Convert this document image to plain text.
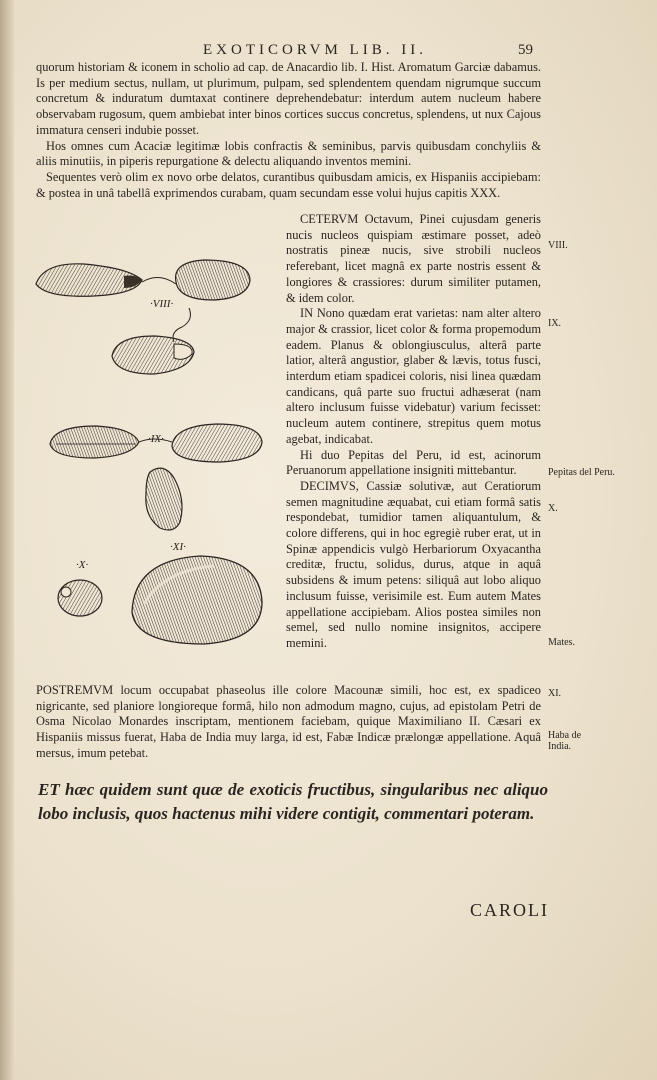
EXOTICORVM LIB. II.	59

quorum historiam & iconem in scholio ad cap. de Anacardio lib. I. Hist. Aromatum Garciæ dabamus. Is per medium sectus, nullam, ut plurimum, pulpam, sed splendentem quendam nigrumque succum concretum & induratum dumtaxat continere deprehendebatur: interdum autem nucleum habere observabam rugosum, quem ambiebat inter binos cortices succus concretus, splendens, ut nux Cajous immatura censeri indubie posset.

Hos omnes cum Acaciæ legitimæ lobis confractis & seminibus, parvis quibusdam conchyliis & aliis minutiis, in piperis repurgatione & delectu aliquando inventos memini.

Sequentes verò olim ex novo orbe delatos, curantibus quibusdam amicis, ex Hispaniis accipiebam: & postea in unâ tabellâ exprimendos curabam, quam secundam esse volui hujus capitis XXX.

·VIII·
·IX·
·X·
·XI·

CETERVM Octavum, Pinei cujusdam generis nucis nucleos quispiam æstimare posset, adeò nostratis pineæ nucis, sive strobili nucleos referebant, licet magnâ ex parte nostris essent & longiores & crassiores: durum similiter putamen, & idem color.

IN Nono quædam erat varietas: nam alter altero major & crassior, licet color & forma propemodum eadem. Planus & oblongiusculus, alterâ parte latior, alterâ angustior, glaber & lævis, totus fusci, interdum etiam spadicei coloris, nisi linea quædam candicans, quâ parte suo fructui adhæserat (nam altero inclusum fuisse videbatur) varium fecisset: nucleum autem continere, strepitus quem motus agebat, indicabat.

Hi duo Pepitas del Peru, id est, acinorum Peruanorum appellatione insigniti mittebantur.

DECIMVS, Cassiæ solutivæ, aut Ceratiorum semen magnitudine æquabat, cui etiam formâ satis respondebat, tumidior tamen aliquantulum, & colore differens, qui in hoc egregiè ruber erat, ut in Spinæ appendicis vulgò Herbariorum Oxyacantha creditæ, fructu, solidus, durus, atque in aquâ subsidens & imum petens: siliquâ aut lobo aliquo inclusum fuisse, verisimile est. Eum autem Mates appellatione accipiebam. Alios postea similes non semel, sed nullo nomine insignitos, accipere memini.

POSTREMVM locum occupabat phaseolus ille colore Macounæ simili, hoc est, ex spadiceo nigricante, sed planiore longioreque formâ, hilo non admodum magno, cujus, ad epistolam Petri de Osma Nicolao Monardes inscriptam, mentionem faciebam, quique Maximiliano II. Cæsari ex Hispaniis missus fuerat, Haba de India muy larga, id est, Fabæ Indicæ prælongæ appellatione. Aquâ mersus, imum petebat.
VIII.
IX.
Pepitas del Peru.
X.
Mates.
XI.
Haba de India.
ET hæc quidem sunt quæ de exoticis fructibus, singularibus nec aliquo lobo inclusis, quos hactenus mihi videre contigit, commentari poteram.
CAROLI
